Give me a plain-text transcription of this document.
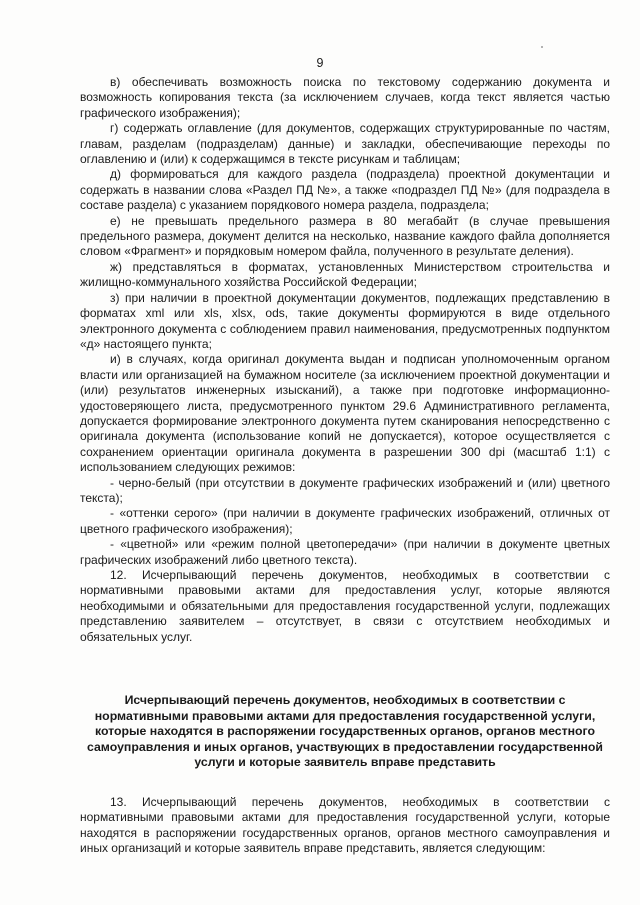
9

в) обеспечивать возможность поиска по текстовому содержанию документа и возможность копирования текста (за исключением случаев, когда текст является частью графического изображения);

г) содержать оглавление (для документов, содержащих структурированные по частям, главам, разделам (подразделам) данные) и закладки, обеспечивающие переходы по оглавлению и (или) к содержащимся в тексте рисункам и таблицам;

д) формироваться для каждого раздела (подраздела) проектной документации и содержать в названии слова «Раздел ПД №», а также «подраздел ПД №» (для подраздела в составе раздела) с указанием порядкового номера раздела, подраздела;

е) не превышать предельного размера в 80 мегабайт (в случае превышения предельного размера, документ делится на несколько, название каждого файла дополняется словом «Фрагмент» и порядковым номером файла, полученного в результате деления).

ж) представляться в форматах, установленных Министерством строительства и жилищно-коммунального хозяйства Российской Федерации;

з) при наличии в проектной документации документов, подлежащих представлению в форматах xml или xls, xlsx, ods, такие документы формируются в виде отдельного электронного документа с соблюдением правил наименования, предусмотренных подпунктом «д» настоящего пункта;

и) в случаях, когда оригинал документа выдан и подписан уполномоченным органом власти или организацией на бумажном носителе (за исключением проектной документации и (или) результатов инженерных изысканий), а также при подготовке информационно-удостоверяющего листа, предусмотренного пунктом 29.6 Административного регламента, допускается формирование электронного документа путем сканирования непосредственно с оригинала документа (использование копий не допускается), которое осуществляется с сохранением ориентации оригинала документа в разрешении 300 dpi (масштаб 1:1) с использованием следующих режимов:

- черно-белый (при отсутствии в документе графических изображений и (или) цветного текста);

- «оттенки серого» (при наличии в документе графических изображений, отличных от цветного графического изображения);

- «цветной» или «режим полной цветопередачи» (при наличии в документе цветных графических изображений либо цветного текста).

12. Исчерпывающий перечень документов, необходимых в соответствии с нормативными правовыми актами для предоставления услуг, которые являются необходимыми и обязательными для предоставления государственной услуги, подлежащих представлению заявителем – отсутствует, в связи с отсутствием необходимых и обязательных услуг.

Исчерпывающий перечень документов, необходимых в соответствии с нормативными правовыми актами для предоставления государственной услуги, которые находятся в распоряжении государственных органов, органов местного самоуправления и иных органов, участвующих в предоставлении государственной услуги и которые заявитель вправе представить

13. Исчерпывающий перечень документов, необходимых в соответствии с нормативными правовыми актами для предоставления государственной услуги, которые находятся в распоряжении государственных органов, органов местного самоуправления и иных организаций и которые заявитель вправе представить, является следующим:
